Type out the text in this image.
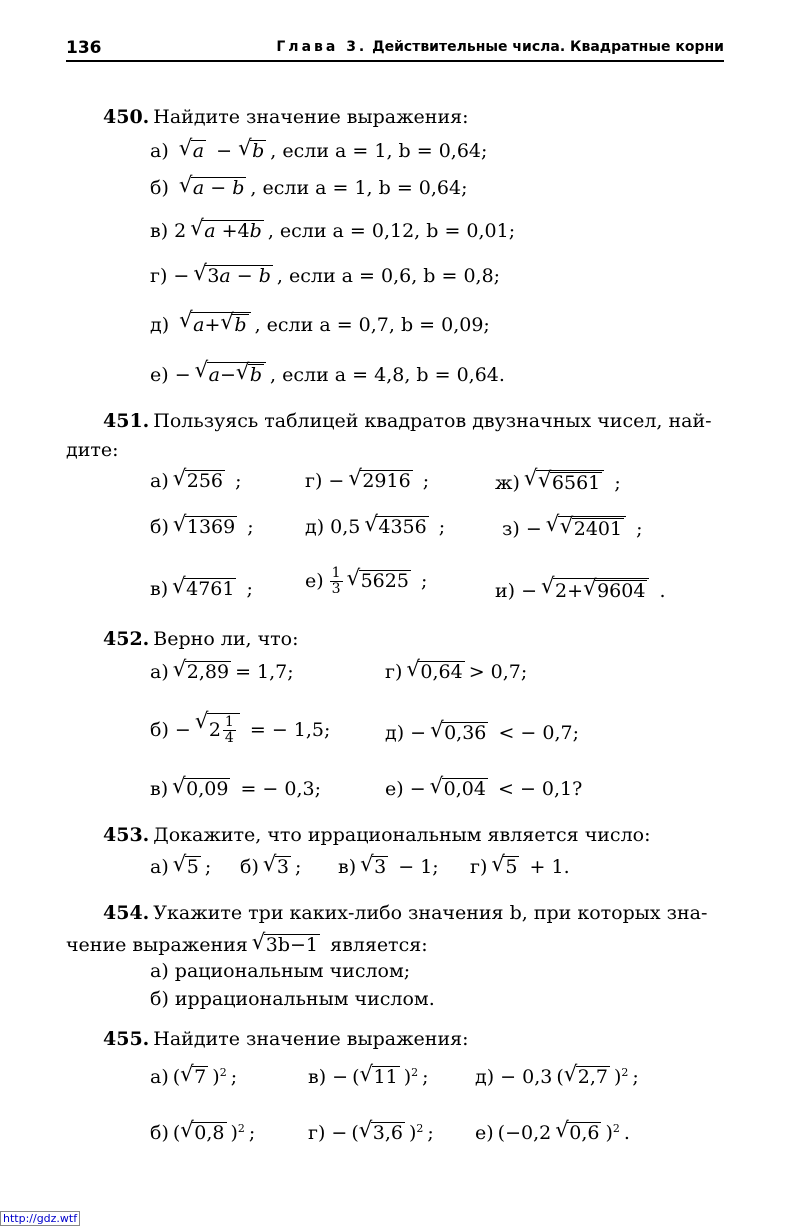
136	Глава 3. Действительные числа. Квадратные корни
450. Найдите значение выражения:
а) √ a − √ b , если a = 1, b = 0,64;
б) √ a − b , если a = 1, b = 0,64;
в) 2 √ a +4b , если a = 0,12, b = 0,01;
г) − √ 3a − b , если a = 0,6, b = 0,8;
д) √ a+ √ b , если a = 0,7, b = 0,09;
е) − √ a− √ b , если a = 4,8, b = 0,64.
451. Пользуясь таблицей квадратов двузначных чисел, най-
дите:
а) √ 256 ;	г) − √ 2916 ;	ж) √ √ 6561 ;
б) √ 1369 ;	д) 0,5 √ 4356 ;	з) − √ √ 2401 ;
в) √ 4761 ;	$е) \frac{1}{3}$ √ 5625 ;	и) − √ 2+ √ 9604 .
452. Верно ли, что:
а) √ 2,89 = 1,7;	г) √ 0,64 > 0,7;
б) − √ $2 \frac{1}{4}$ = − 1,5;	д) − √ 0,36 < − 0,7;
в) √ 0,09 = − 0,3;	е) − √ 0,04 < − 0,1?
453. Докажите, что иррациональным является число:
а) √ 5 ; б) √ 3 ; в) √ 3 − 1; г) √ 5 + 1.
454. Укажите три каких-либо значения b, при которых зна-
чение выражения √ 3b−1 является:
а) рациональным числом;
б) иррациональным числом.
455. Найдите значение выражения:
а) ( √ 7 )$^2$ ;	в) − ( √ 11 )$^2$ ; д) − 0,3 ( √ 2,7 )$^2$ ;
б) ( √ 0,8 )$^2$ ;	г) − ( √ 3,6 )$^2$ ; е) (−0,2 √ 0,6 )$^2$ .
http://gdz.wtf
